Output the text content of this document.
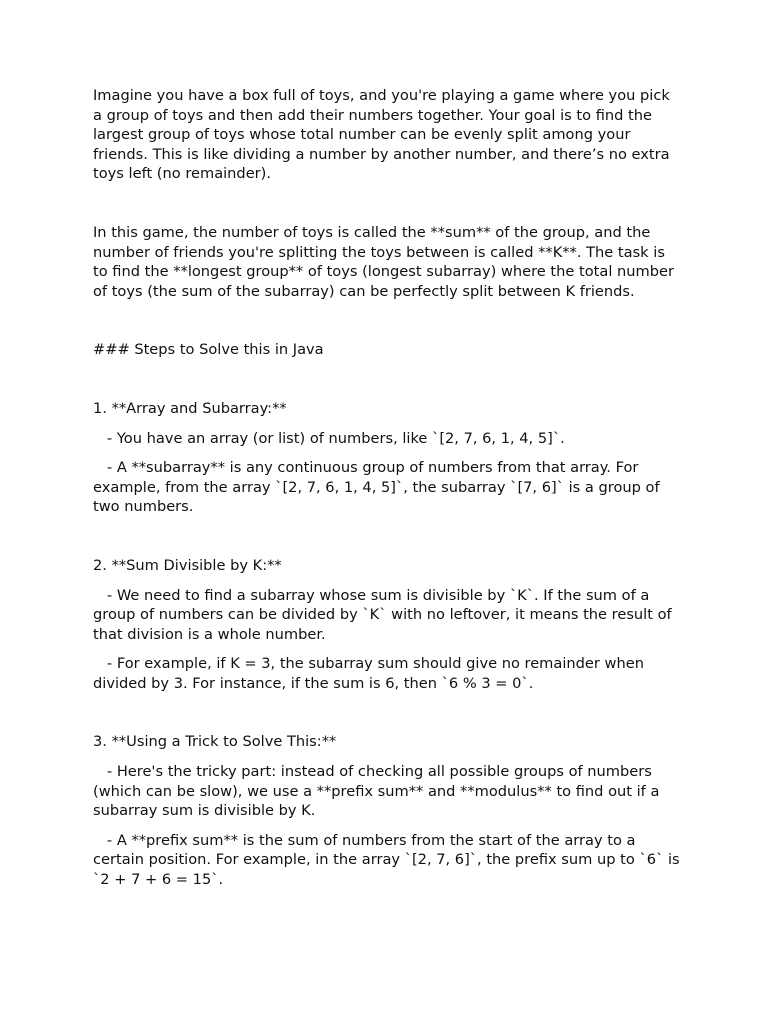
Imagine you have a box full of toys, and you're playing a game where you pick a group of toys and then add their numbers together. Your goal is to find the largest group of toys whose total number can be evenly split among your friends. This is like dividing a number by another number, and there’s no extra toys left (no remainder).

In this game, the number of toys is called the **sum** of the group, and the number of friends you're splitting the toys between is called **K**. The task is to find the **longest group** of toys (longest subarray) where the total number of toys (the sum of the subarray) can be perfectly split between K friends.

### Steps to Solve this in Java

1. **Array and Subarray:**

- You have an array (or list) of numbers, like `[2, 7, 6, 1, 4, 5]`.

- A **subarray** is any continuous group of numbers from that array. For example, from the array `[2, 7, 6, 1, 4, 5]`, the subarray `[7, 6]` is a group of two numbers.

2. **Sum Divisible by K:**

- We need to find a subarray whose sum is divisible by `K`. If the sum of a group of numbers can be divided by `K` with no leftover, it means the result of that division is a whole number.

- For example, if K = 3, the subarray sum should give no remainder when divided by 3. For instance, if the sum is 6, then `6 % 3 = 0`.

3. **Using a Trick to Solve This:**

- Here's the tricky part: instead of checking all possible groups of numbers (which can be slow), we use a **prefix sum** and **modulus** to find out if a subarray sum is divisible by K.

- A **prefix sum** is the sum of numbers from the start of the array to a certain position. For example, in the array `[2, 7, 6]`, the prefix sum up to `6` is `2 + 7 + 6 = 15`.
